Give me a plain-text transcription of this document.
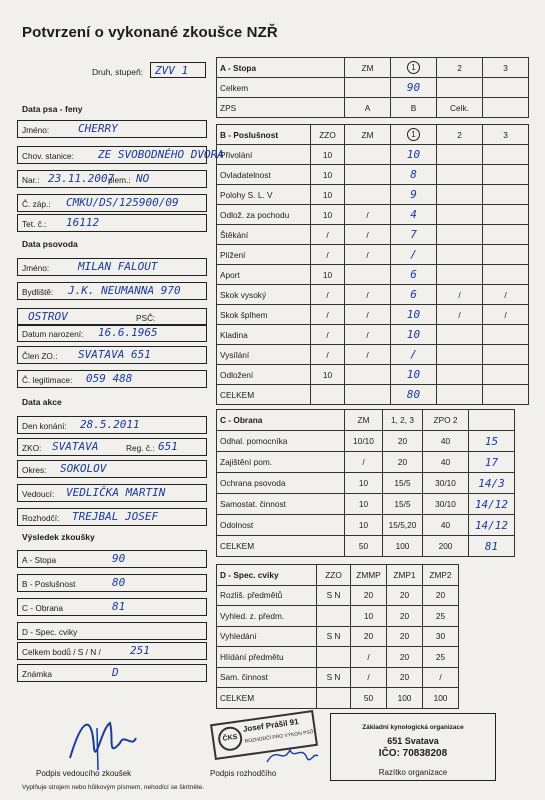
Potvrzení o vykonané zkoušce NZŘ
Druh, stupeň: ZVV 1
Data psa - feny
Jméno:	CHERRY
Chov. stanice: ZE SVOBODNÉHO DVORA
Nar.: 23.11.2007
plem.: NO
Č. záp.: CMKU/DS/125900/09
Tet. č.: 16112
Data psovoda
Jméno:	MILAN FALOUT
Bydliště: J.K. NEUMANNA 970
OSTROV	PSČ:
Datum narození: 16.6.1965
Člen ZO.: SVATAVA 651
Č. legitimace: 059 488
Data akce
Den konání: 28.5.2011
ZKO: SVATAVA	Reg. č.: 651
Okres: SOKOLOV
Vedoucí: VEDLIČKA MARTIN
Rozhodčí: TREJBAL JOSEF
Výsledek zkoušky
A - Stopa	90
B - Poslušnost	80
C - Obrana	81
D - Spec. cviky
Celkem bodů / S / N /	251
Známka	D
A - Stopa	ZM	1	2	3
Celkem		90		
ZPS	A	B	Celk.	
B - Poslušnost	ZZO	ZM	1	2	3
Přivolání	10		10		
Ovladatelnost	10		8		
Polohy S. L. V	10		9		
Odlož. za pochodu	10	/	4		
Štěkání	/	/	7		
Plížení	/	/	/		
Aport	10		6		
Skok vysoký	/	/	6	/	/
Skok šplhem	/	/	10	/	/
Kladina	/	/	10		
Vysílání	/	/	/		
Odložení	10		10		
CELKEM			80		
C - Obrana	ZM	1, 2, 3	ZPO 2	
Odhal. pomocníka	10/10	20	40	15
Zajištění pom.	/	20	40	17
Ochrana psovoda	10	15/5	30/10	14/3
Samostat. činnost	10	15/5	30/10	14/12
Odolnost	10	15/5,20	40	14/12
CELKEM	50	100	200	81
D - Spec. cviky	ZZO	ZMMP	ZMP1	ZMP2
Rozliš. předmětů	S N	20	20	20
Vyhled. z. předm.		10	20	25
Vyhledání	S N	20	20	30
Hlídání předmětu		/	20	25
Sam. činnost	S N	/	20	/
CELKEM		50	100	100
Podpis vedoucího zkoušek
Vyplňuje strojem nebo hůlkovým písmem, nehodící se škrtněte.
ČKS
Josef Prášil 91
ROZHODČÍ PRO VÝKON PSŮ
Podpis rozhodčího
Základní kynologická organizace
651 Svatava
IČO: 70838208
Razítko organizace
